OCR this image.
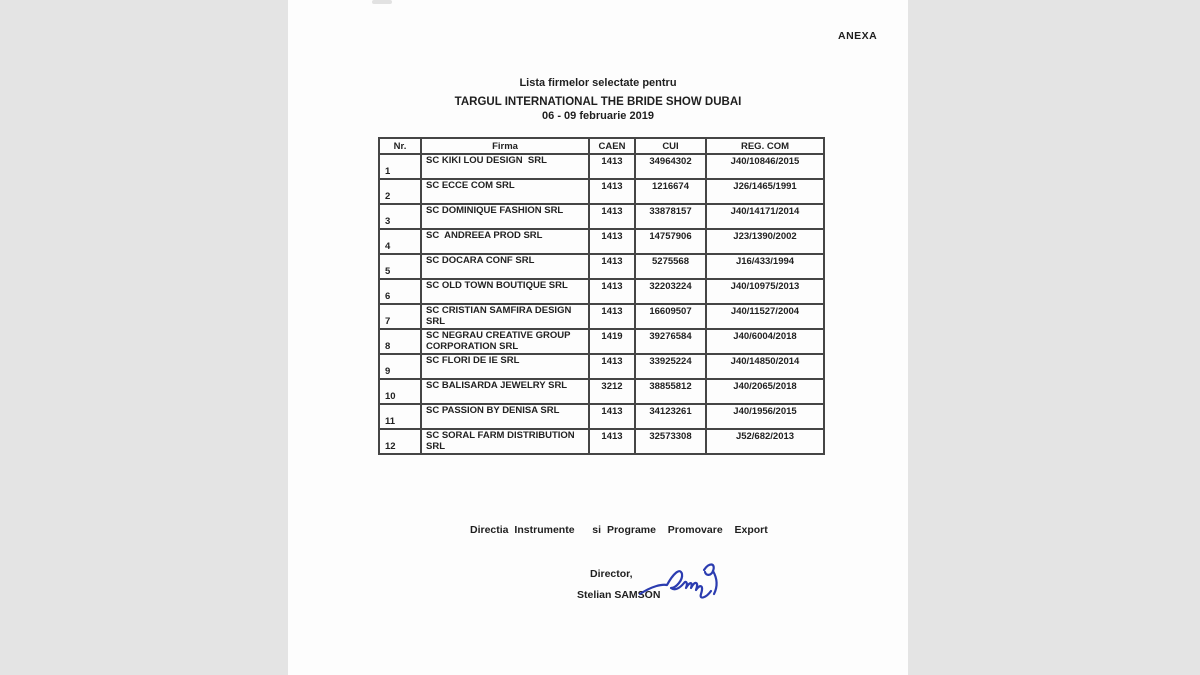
ANEXA
Lista firmelor selectate pentru
TARGUL INTERNATIONAL THE BRIDE SHOW DUBAI
06 - 09 februarie 2019
Nr.	Firma	CAEN	CUI	REG. COM
1	SC KIKI LOU DESIGN  SRL	1413	34964302	J40/10846/2015
2	SC ECCE COM SRL	1413	1216674	J26/1465/1991
3	SC DOMINIQUE FASHION SRL	1413	33878157	J40/14171/2014
4	SC  ANDREEA PROD SRL	1413	14757906	J23/1390/2002
5	SC DOCARA CONF SRL	1413	5275568	J16/433/1994
6	SC OLD TOWN BOUTIQUE SRL	1413	32203224	J40/10975/2013
7	SC CRISTIAN SAMFIRA DESIGN SRL	1413	16609507	J40/11527/2004
8	SC NEGRAU CREATIVE GROUP CORPORATION SRL	1419	39276584	J40/6004/2018
9	SC FLORI DE IE SRL	1413	33925224	J40/14850/2014
10	SC BALISARDA JEWELRY SRL	3212	38855812	J40/2065/2018
11	SC PASSION BY DENISA SRL	1413	34123261	J40/1956/2015
12	SC SORAL FARM DISTRIBUTION SRL	1413	32573308	J52/682/2013
Directia Instrumente   si Programe  Promovare  Export
Director,
Stelian SAMSON
